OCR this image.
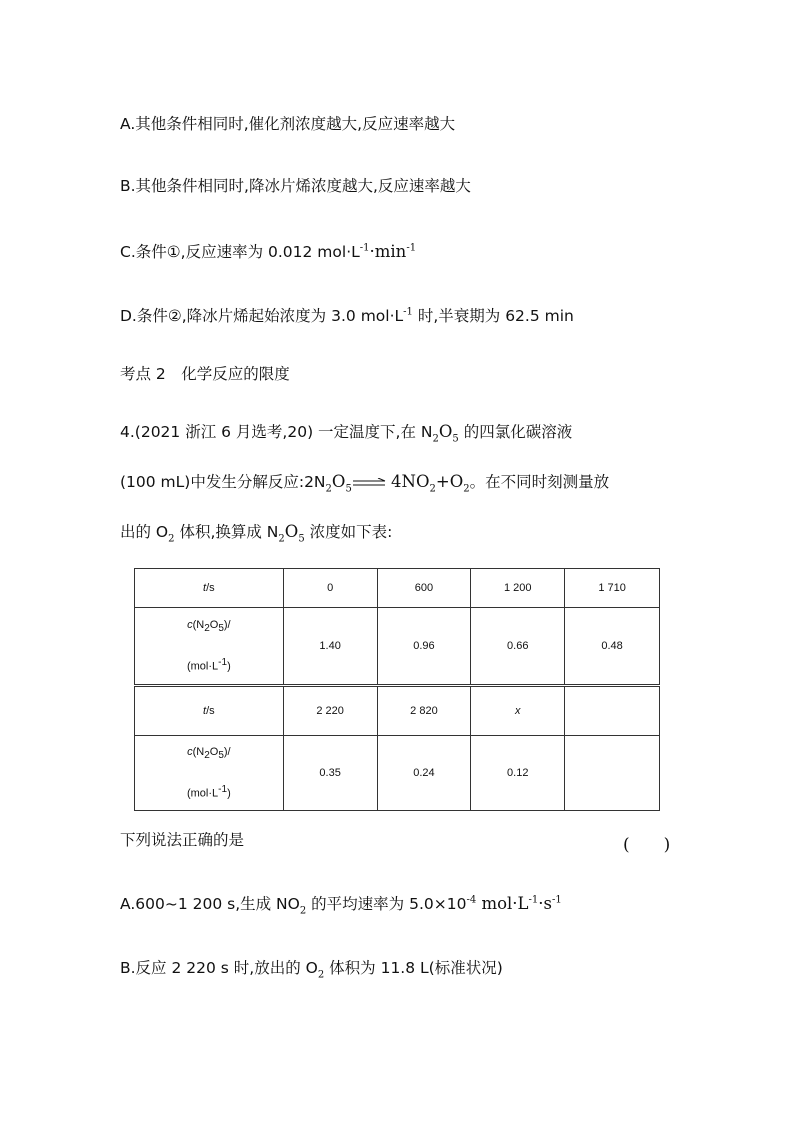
A.其他条件相同时,催化剂浓度越大,反应速率越大
B.其他条件相同时,降冰片烯浓度越大,反应速率越大
C.条件①,反应速率为 0.012 $mol\cdot L^{-1}\cdot\min^{-1}$
D.条件②,降冰片烯起始浓度为 3.0 $mol\cdot L^{-1}$ 时,半衰期为 62.5 min
考点 2　化学反应的限度
4.(2021 浙江 6 月选考,20) 一定温度下,在 $N_2O_5$ 的四氯化碳溶液
(100 mL)中发生分解反应$:2N_2O_5$ $4NO_2+O_2$。在不同时刻测量放
出的 $O_2$ 体积,换算成 $N_2O_5$ 浓度如下表:
t/s	0	600	1 200	1 710

$c(N_2O_5)/$
$(mol\cdot L^{-1})$	1.40	0.96	0.66	0.48
t/s	2 220	2 820	x	

$c(N_2O_5)/$
$(mol\cdot L^{-1})$	0.35	0.24	0.12	
下列说法正确的是	(　　)
A.600~1 200 s,生成 $NO_2$ 的平均速率为 $5.0\times 10^{-4}$ $mol\cdot L^{-1}\cdot s^{-1}$
B.反应 2 220 s 时,放出的 $O_2$ 体积为 11.8 L(标准状况)
